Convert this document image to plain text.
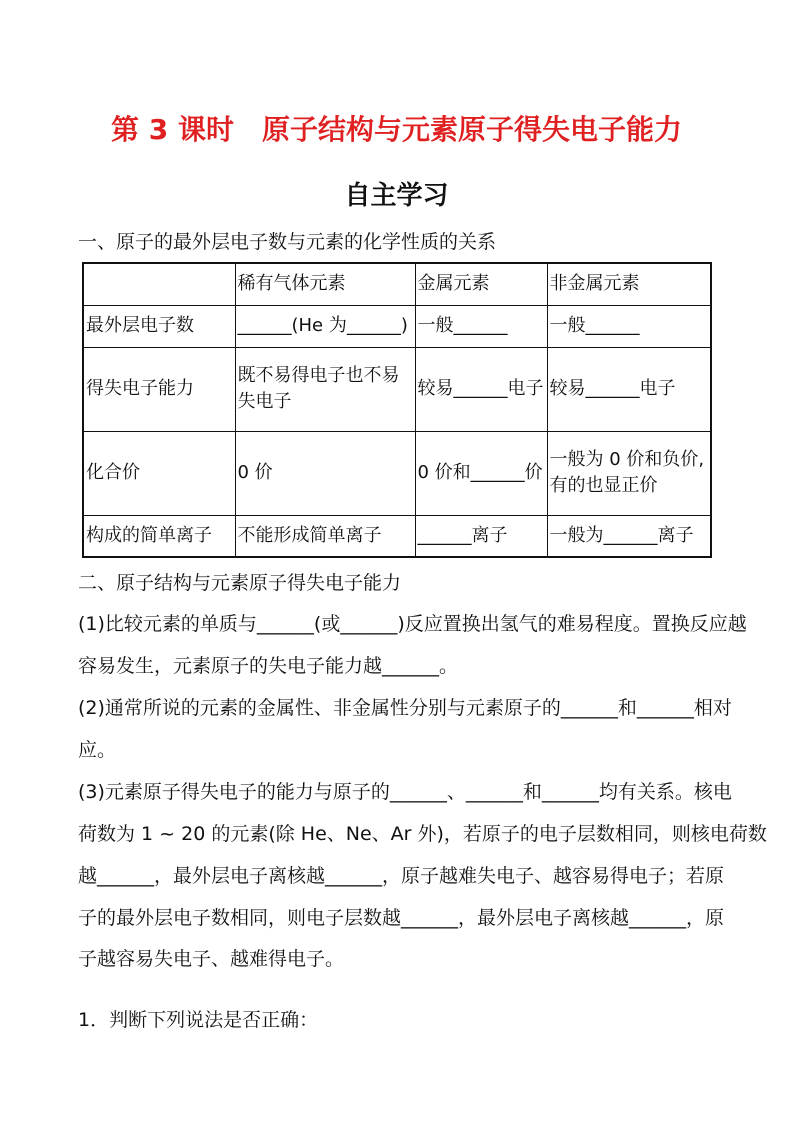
第 3 课时　原子结构与元素原子得失电子能力
自主学习
一、原子的最外层电子数与元素的化学性质的关系
	稀有气体元素	金属元素	非金属元素
最外层电子数	______(He 为______)	一般______	一般______
得失电子能力	既不易得电子也不易失电子	较易______电子	较易______电子
化合价	0 价	0 价和______价	一般为 0 价和负价,有的也显正价
构成的简单离子	不能形成简单离子	______离子	一般为______离子
二、原子结构与元素原子得失电子能力
(1)比较元素的单质与______(或______)反应置换出氢气的难易程度。置换反应越
容易发生，元素原子的失电子能力越______。
(2)通常所说的元素的金属性、非金属性分别与元素原子的______和______相对
应。
(3)元素原子得失电子的能力与原子的______、______和______均有关系。核电
荷数为 1 ~ 20 的元素(除 He、Ne、Ar 外)，若原子的电子层数相同，则核电荷数
越______，最外层电子离核越______，原子越难失电子、越容易得电子；若原
子的最外层电子数相同，则电子层数越______，最外层电子离核越______，原
子越容易失电子、越难得电子。
1．判断下列说法是否正确：
